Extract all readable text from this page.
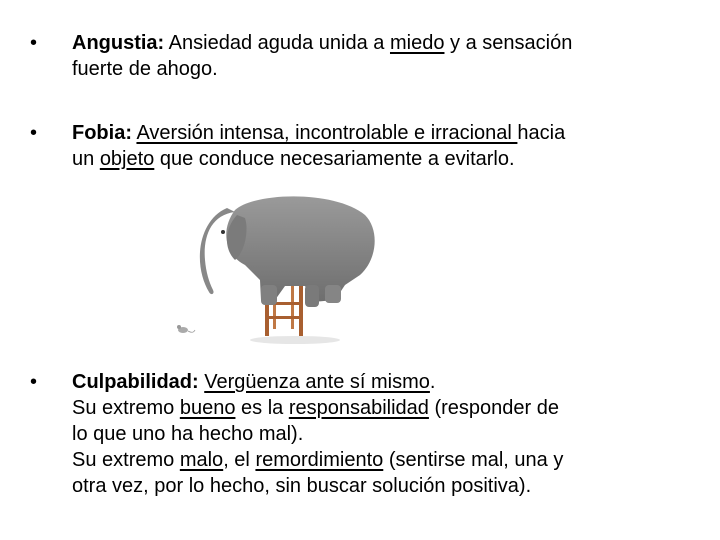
•	Angustia: Ansiedad aguda unida a miedo y a sensación
fuerte de ahogo.
•	Fobia: Aversión intensa, incontrolable e irracional hacia
un objeto que conduce necesariamente a evitarlo.
•	Culpabilidad: Vergüenza ante sí mismo.
Su extremo bueno es la responsabilidad (responder de
lo que uno ha hecho mal).
Su extremo malo, el remordimiento (sentirse mal, una y
otra vez, por lo hecho, sin buscar solución positiva).
